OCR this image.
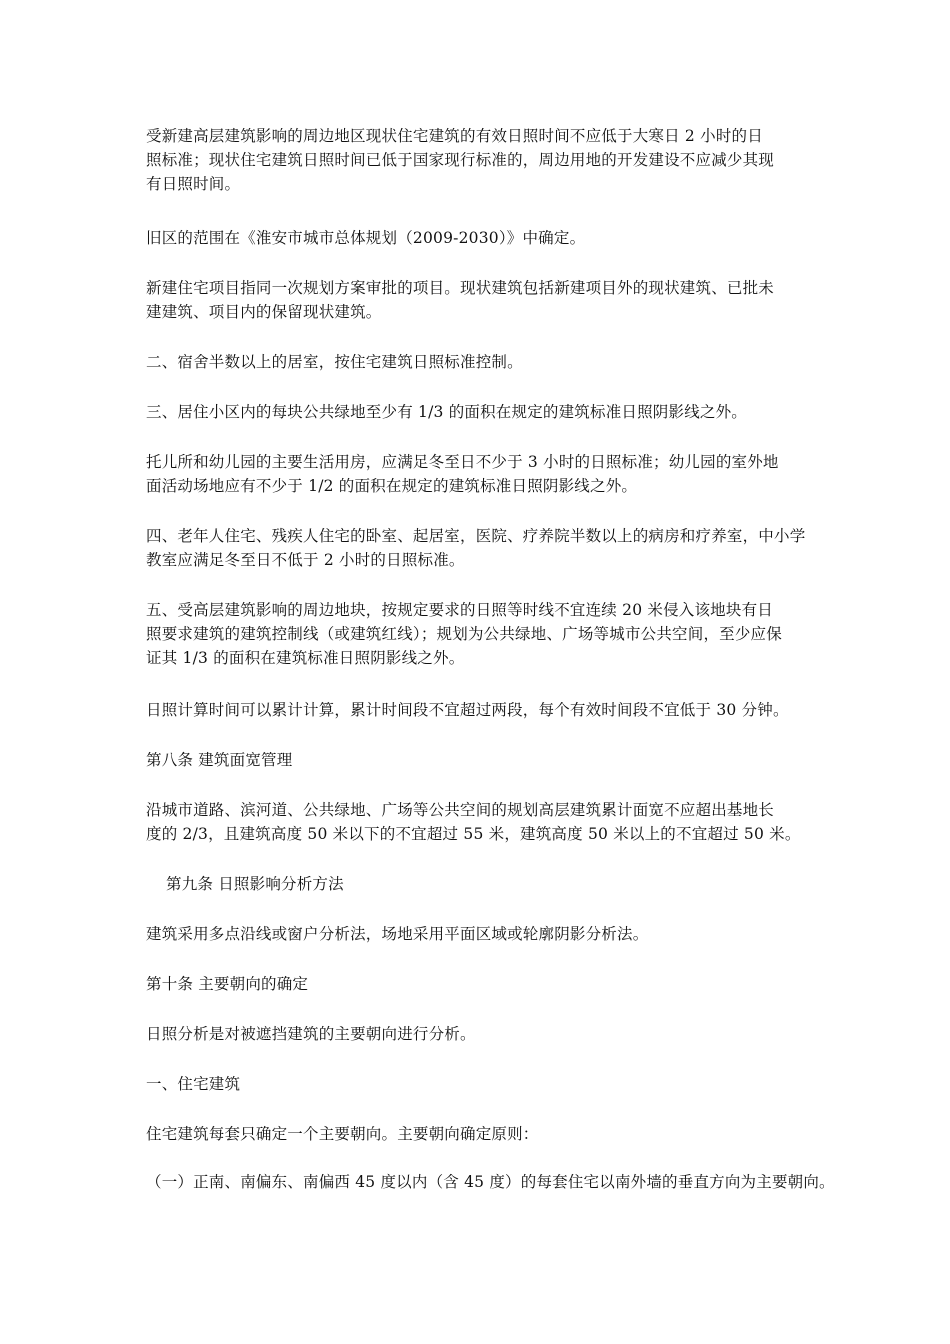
受新建高层建筑影响的周边地区现状住宅建筑的有效日照时间不应低于大寒日 2 小时的日
照标准；现状住宅建筑日照时间已低于国家现行标准的，周边用地的开发建设不应减少其现
有日照时间。

旧区的范围在《淮安市城市总体规划（2009-2030）》中确定。

新建住宅项目指同一次规划方案审批的项目。现状建筑包括新建项目外的现状建筑、已批未
建建筑、项目内的保留现状建筑。

二、宿舍半数以上的居室，按住宅建筑日照标准控制。

三、居住小区内的每块公共绿地至少有 1/3 的面积在规定的建筑标准日照阴影线之外。

托儿所和幼儿园的主要生活用房，应满足冬至日不少于 3 小时的日照标准；幼儿园的室外地
面活动场地应有不少于 1/2 的面积在规定的建筑标准日照阴影线之外。

四、老年人住宅、残疾人住宅的卧室、起居室，医院、疗养院半数以上的病房和疗养室，中小学
教室应满足冬至日不低于 2 小时的日照标准。

五、受高层建筑影响的周边地块，按规定要求的日照等时线不宜连续 20 米侵入该地块有日
照要求建筑的建筑控制线（或建筑红线）；规划为公共绿地、广场等城市公共空间，至少应保
证其 1/3 的面积在建筑标准日照阴影线之外。

日照计算时间可以累计计算，累计时间段不宜超过两段，每个有效时间段不宜低于 30 分钟。

第八条 建筑面宽管理

沿城市道路、滨河道、公共绿地、广场等公共空间的规划高层建筑累计面宽不应超出基地长
度的 2/3，且建筑高度 50 米以下的不宜超过 55 米，建筑高度 50 米以上的不宜超过 50 米。

第九条 日照影响分析方法

建筑采用多点沿线或窗户分析法，场地采用平面区域或轮廓阴影分析法。

第十条 主要朝向的确定

日照分析是对被遮挡建筑的主要朝向进行分析。

一、住宅建筑

住宅建筑每套只确定一个主要朝向。主要朝向确定原则：

（一）正南、南偏东、南偏西 45 度以内（含 45 度）的每套住宅以南外墙的垂直方向为主要朝向。
